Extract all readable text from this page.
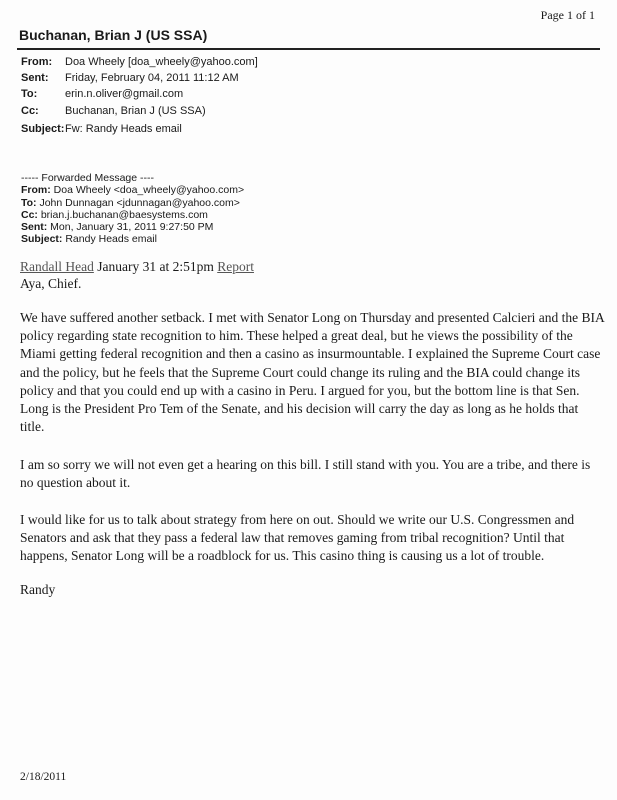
Page 1 of 1
Buchanan, Brian J (US SSA)
From: Doa Wheely [doa_wheely@yahoo.com]
Sent: Friday, February 04, 2011 11:12 AM
To:	erin.n.oliver@gmail.com
Cc: Buchanan, Brian J (US SSA)
Subject:Fw: Randy Heads email
----- Forwarded Message ----
From: Doa Wheely <doa_wheely@yahoo.com>
To: John Dunnagan <jdunnagan@yahoo.com>
Cc: brian.j.buchanan@baesystems.com
Sent: Mon, January 31, 2011 9:27:50 PM
Subject: Randy Heads email
Randall Head January 31 at 2:51pm Report
Aya, Chief.

We have suffered another setback. I met with Senator Long on Thursday and presented Calcieri and the BIA policy regarding state recognition to him. These helped a great deal, but he views the possibility of the Miami getting federal recognition and then a casino as insurmountable. I explained the Supreme Court case and the policy, but he feels that the Supreme Court could change its ruling and the BIA could change its policy and that you could end up with a casino in Peru. I argued for you, but the bottom line is that Sen. Long is the President Pro Tem of the Senate, and his decision will carry the day as long as he holds that title.

I am so sorry we will not even get a hearing on this bill. I still stand with you. You are a tribe, and there is no question about it.

I would like for us to talk about strategy from here on out. Should we write our U.S. Congressmen and Senators and ask that they pass a federal law that removes gaming from tribal recognition? Until that happens, Senator Long will be a roadblock for us. This casino thing is causing us a lot of trouble.

Randy
2/18/2011
